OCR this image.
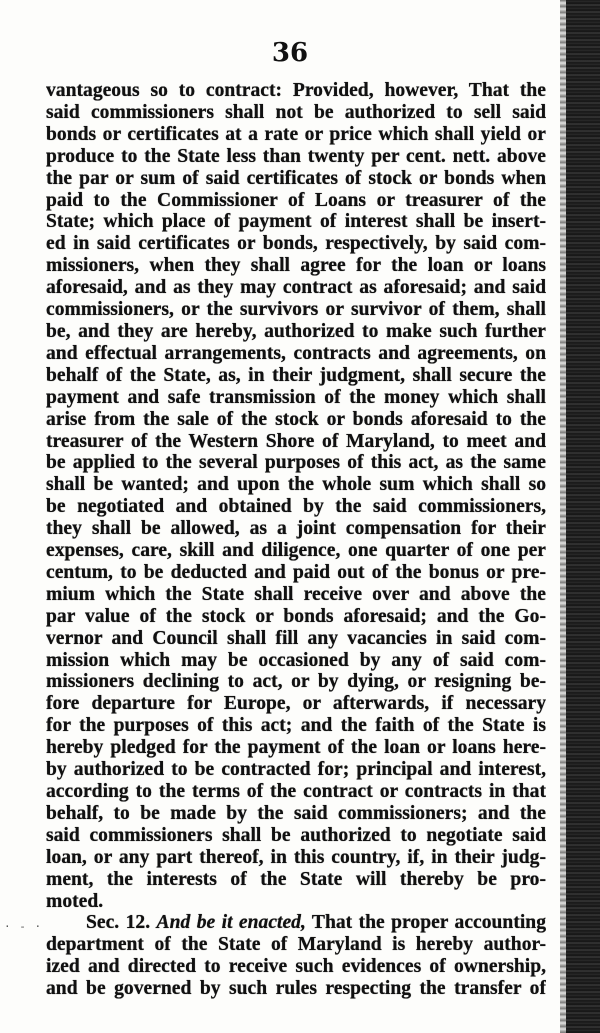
36
vantageous so to contract: Provided, however, That the
said commissioners shall not be authorized to sell said
bonds or certificates at a rate or price which shall yield or
produce to the State less than twenty per cent. nett. above
the par or sum of said certificates of stock or bonds when
paid to the Commissioner of Loans or treasurer of the
State; which place of payment of interest shall be insert-
ed in said certificates or bonds, respectively, by said com-
missioners, when they shall agree for the loan or loans
aforesaid, and as they may contract as aforesaid; and said
commissioners, or the survivors or survivor of them, shall
be, and they are hereby, authorized to make such further
and effectual arrangements, contracts and agreements, on
behalf of the State, as, in their judgment, shall secure the
payment and safe transmission of the money which shall
arise from the sale of the stock or bonds aforesaid to the
treasurer of the Western Shore of Maryland, to meet and
be applied to the several purposes of this act, as the same
shall be wanted; and upon the whole sum which shall so
be negotiated and obtained by the said commissioners,
they shall be allowed, as a joint compensation for their
expenses, care, skill and diligence, one quarter of one per
centum, to be deducted and paid out of the bonus or pre-
mium which the State shall receive over and above the
par value of the stock or bonds aforesaid; and the Go-
vernor and Council shall fill any vacancies in said com-
mission which may be occasioned by any of said com-
missioners declining to act, or by dying, or resigning be-
fore departure for Europe, or afterwards, if necessary
for the purposes of this act; and the faith of the State is
hereby pledged for the payment of the loan or loans here-
by authorized to be contracted for; principal and interest,
according to the terms of the contract or contracts in that
behalf, to be made by the said commissioners; and the
said commissioners shall be authorized to negotiate said
loan, or any part thereof, in this country, if, in their judg-
ment, the interests of the State will thereby be pro-
moted.
Sec. 12. And be it enacted, That the proper accounting
department of the State of Maryland is hereby author-
ized and directed to receive such evidences of ownership,
and be governed by such rules respecting the transfer of
· - ·
